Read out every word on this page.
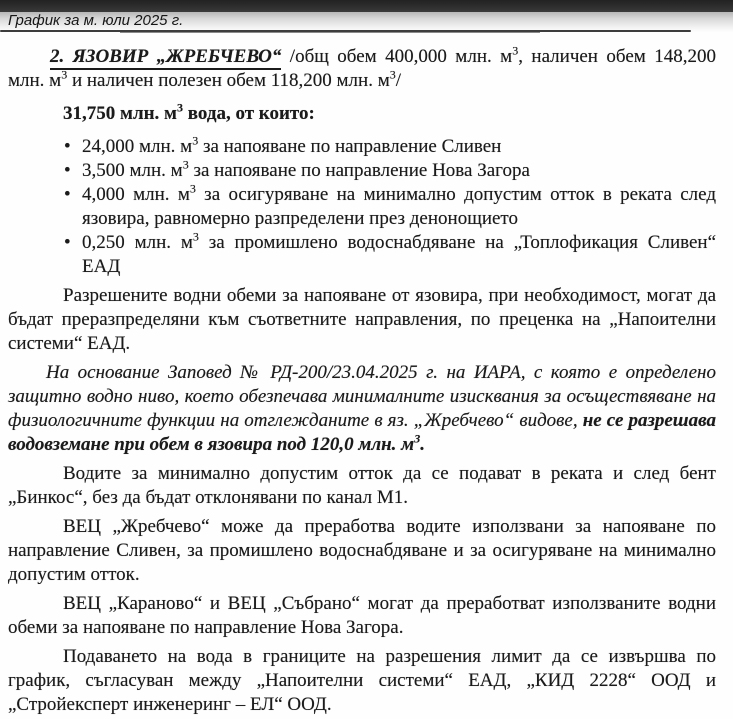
График за м. юли 2025 г.

2. ЯЗОВИР „ЖРЕБЧЕВО“ /общ обем 400,000 млн. $м^3$, наличен обем 148,200 млн. $м^3$ и наличен полезен обем 118,200 млн. $м^3/$

31,750 млн. $м^3$ вода, от които:

• 24,000 млн. $м^3$ за напояване по направление Сливен
• 3,500 млн. $м^3$ за напояване по направление Нова Загора
• 4,000 млн. $м^3$ за осигуряване на минимално допустим отток в реката след язовира, равномерно разпределени през денонощието
• 0,250 млн. $м^3$ за промишлено водоснабдяване на „Топлофикация Сливен“ ЕАД

Разрешените водни обеми за напояване от язовира, при необходимост, могат да бъдат преразпределяни към съответните направления, по преценка на „Напоителни системи“ ЕАД.

На основание Заповед № РД-200/23.04.2025 г. на ИАРА, с която е определено защитно водно ниво, което обезпечава минималните изисквания за осъществяване на физиологичните функции на отглежданите в яз. „Жребчево“ видове, не се разрешава водовземане при обем в язовира под 120,0 млн. $м^3$.

Водите за минимално допустим отток да се подават в реката и след бент „Бинкос“, без да бъдат отклонявани по канал М1.

ВЕЦ „Жребчево“ може да преработва водите използвани за напояване по направление Сливен, за промишлено водоснабдяване и за осигуряване на минимално допустим отток.

ВЕЦ „Караново“ и ВЕЦ „Събрано“ могат да преработват използваните водни обеми за напояване по направление Нова Загора.

Подаването на вода в границите на разрешения лимит да се извършва по график, съгласуван между „Напоителни системи“ ЕАД, „КИД 2228“ ООД и „Стройексперт инженеринг – ЕЛ“ ООД.
